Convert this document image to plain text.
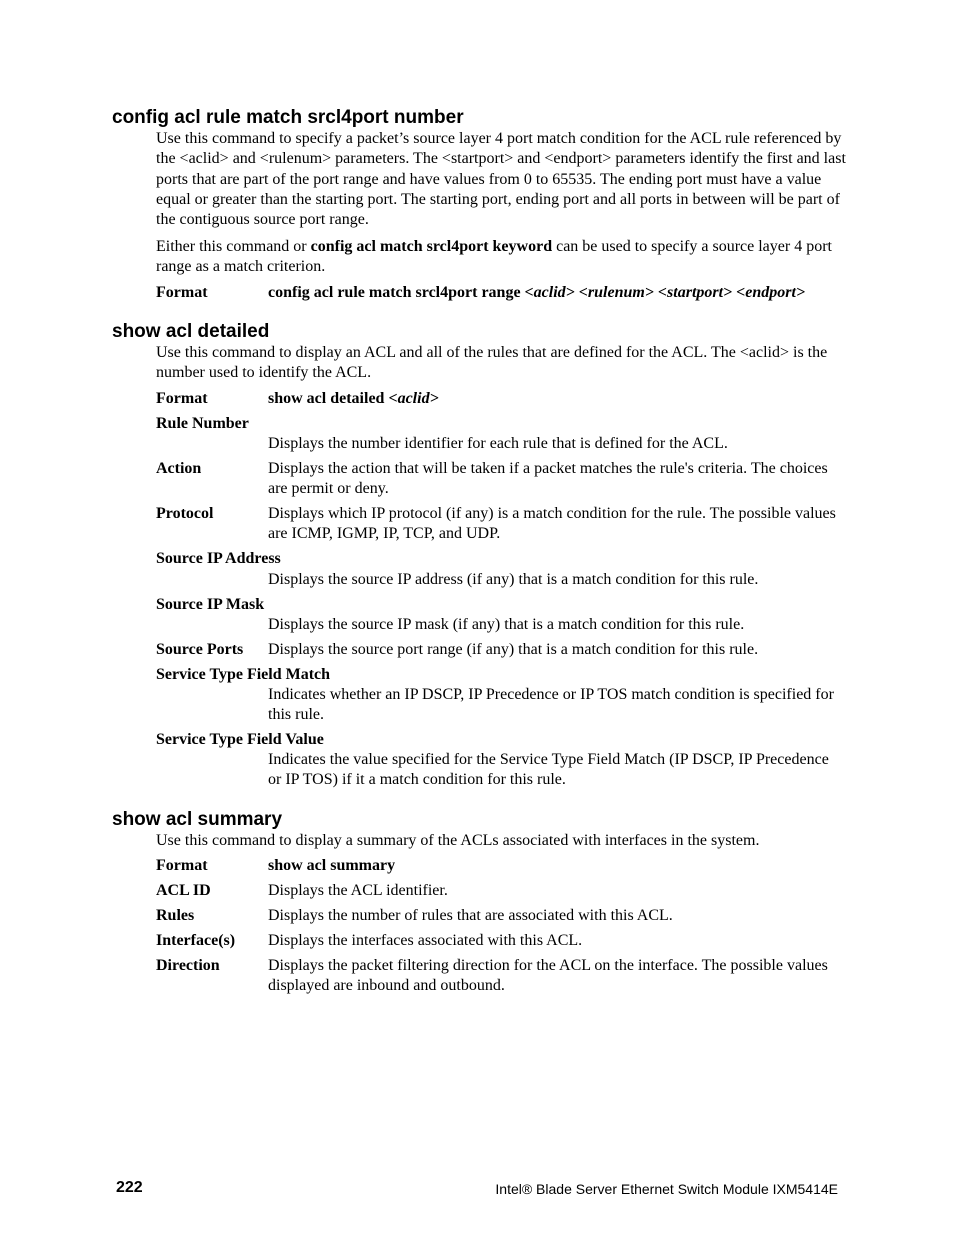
config acl rule match srcl4port number

Use this command to specify a packet’s source layer 4 port match condition for the ACL rule referenced by the <aclid> and <rulenum> parameters. The <startport> and <endport> parameters identify the first and last ports that are part of the port range and have values from 0 to 65535. The ending port must have a value equal or greater than the starting port. The starting port, ending port and all ports in between will be part of the contiguous source port range.

Either this command or config acl match srcl4port keyword can be used to specify a source layer 4 port range as a match criterion.

Format	config acl rule match srcl4port range <aclid> <rulenum> <startport> <endport>
show acl detailed

Use this command to display an ACL and all of the rules that are defined for the ACL. The <aclid> is the number used to identify the ACL.

Format	show acl detailed <aclid>
Rule Number

Displays the number identifier for each rule that is defined for the ACL.

Action	Displays the action that will be taken if a packet matches the rule's criteria. The choices are permit or deny.

Protocol	Displays which IP protocol (if any) is a match condition for the rule. The possible values are ICMP, IGMP, IP, TCP, and UDP.

Source IP Address

Displays the source IP address (if any) that is a match condition for this rule.

Source IP Mask

Displays the source IP mask (if any) that is a match condition for this rule.

Source Ports Displays the source port range (if any) that is a match condition for this rule.

Service Type Field Match

Indicates whether an IP DSCP, IP Precedence or IP TOS match condition is specified for this rule.

Service Type Field Value

Indicates the value specified for the Service Type Field Match (IP DSCP, IP Precedence or IP TOS) if it a match condition for this rule.

show acl summary

Use this command to display a summary of the ACLs associated with interfaces in the system.

Format	show acl summary
ACL ID	Displays the ACL identifier.

Rules	Displays the number of rules that are associated with this ACL.

Interface(s) Displays the interfaces associated with this ACL.

Direction	Displays the packet filtering direction for the ACL on the interface. The possible values displayed are inbound and outbound.

222	Intel® Blade Server Ethernet Switch Module IXM5414E
